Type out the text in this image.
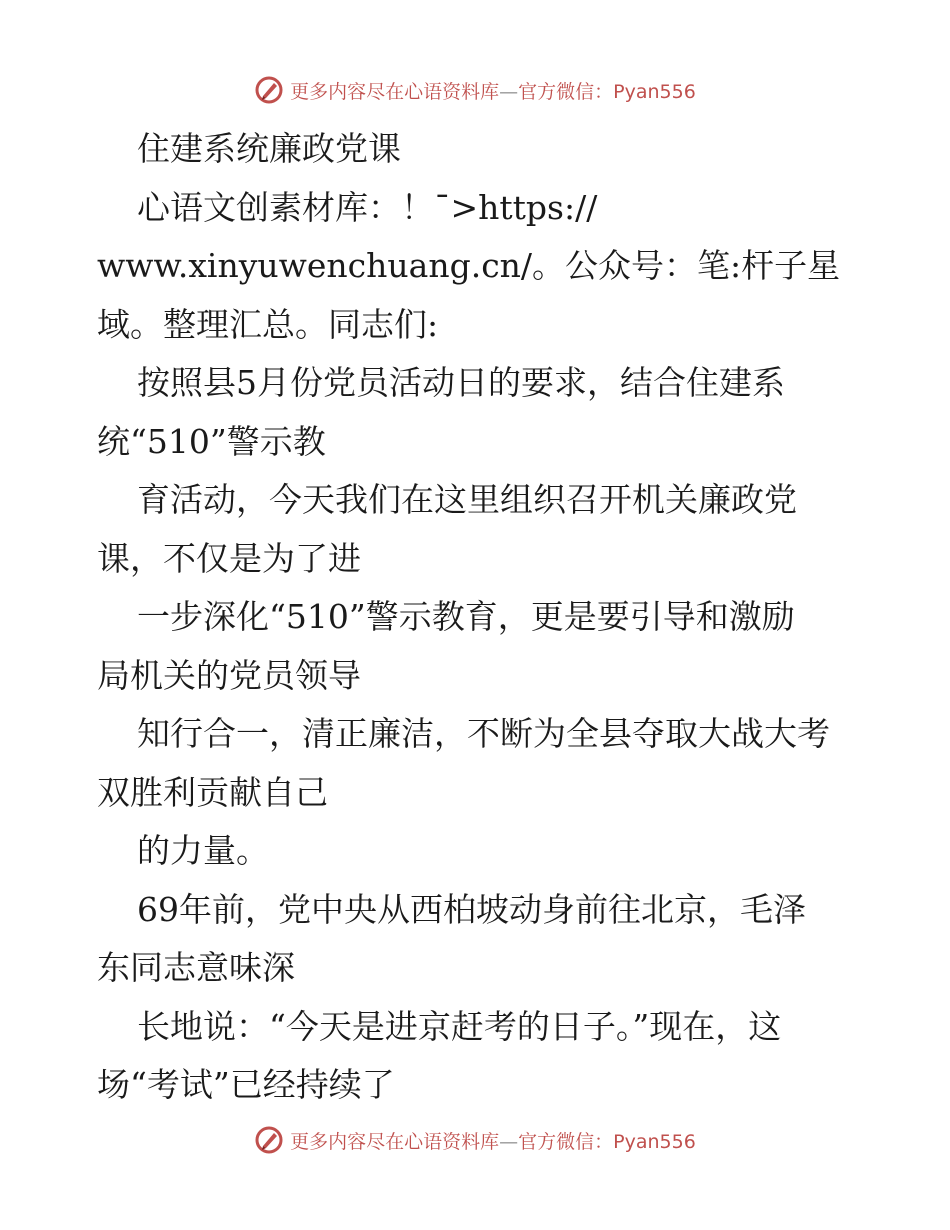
更多内容尽在心语资料库—官方微信：Pyan556
住建系统廉政党课
心语文创素材库：！¯>https://
www.xinyuwenchuang.cn/。公众号：笔:杆子星
域。整理汇总。同志们:
按照县5月份党员活动日的要求，结合住建系
统“510”警示教
育活动，今天我们在这里组织召开机关廉政党
课，不仅是为了进
一步深化“510”警示教育，更是要引导和激励
局机关的党员领导
知行合一，清正廉洁，不断为全县夺取大战大考
双胜利贡献自己
的力量。
69年前，党中央从西柏坡动身前往北京，毛泽
东同志意味深
长地说：“今天是进京赶考的日子。”现在，这
场“考试”已经持续了
更多内容尽在心语资料库—官方微信：Pyan556
